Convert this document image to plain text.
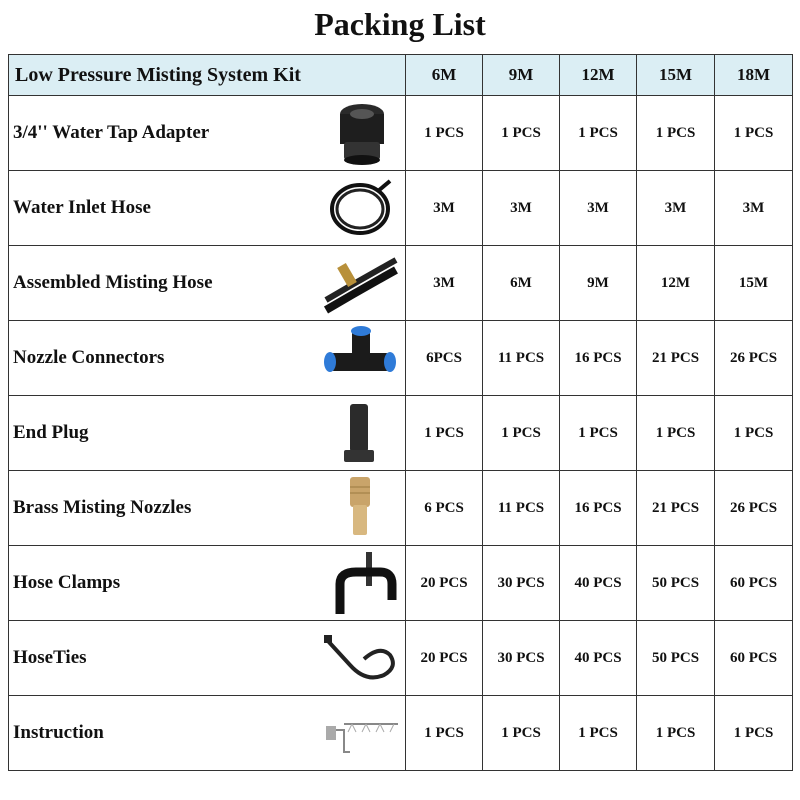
Packing List
Low Pressure Misting System Kit	6M	9M	12M	15M	18M

3/4'' Water Tap Adapter	1 PCS	1 PCS	1 PCS	1 PCS	1 PCS

Water Inlet Hose	3M	3M	3M	3M	3M

Assembled Misting Hose	3M	6M	9M	12M	15M

Nozzle Connectors	6PCS	11 PCS	16 PCS	21 PCS	26 PCS

End Plug	1 PCS	1 PCS	1 PCS	1 PCS	1 PCS

Brass Misting Nozzles	6 PCS	11 PCS	16 PCS	21 PCS	26 PCS

Hose Clamps	20 PCS	30 PCS	40 PCS	50 PCS	60 PCS

HoseTies	20 PCS	30 PCS	40 PCS	50 PCS	60 PCS

Instruction	1 PCS	1 PCS	1 PCS	1 PCS	1 PCS
